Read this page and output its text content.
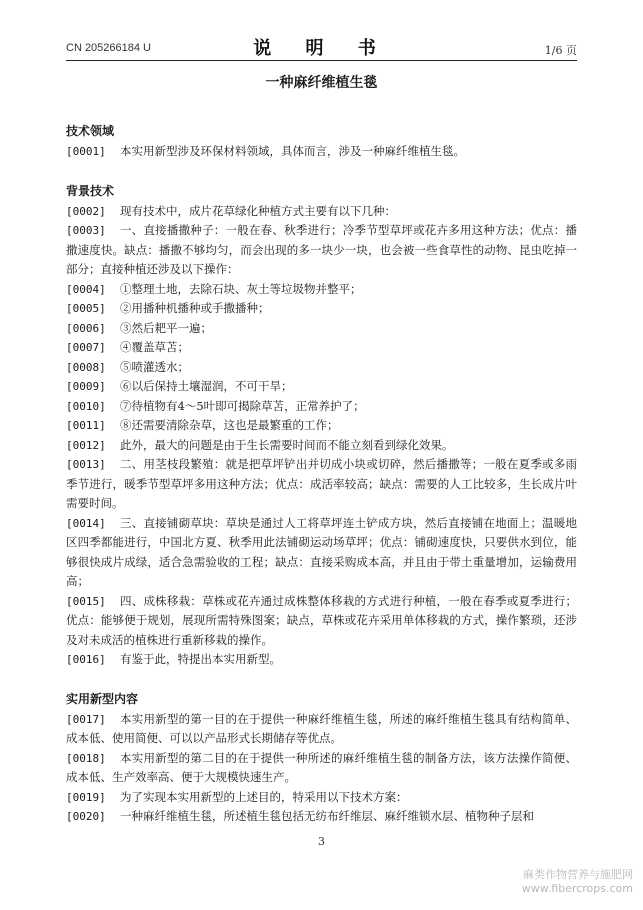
CN 205266184 U	说 明 书	1/6 页
一种麻纤维植生毯
技术领域
[0001] 本实用新型涉及环保材料领域，具体而言，涉及一种麻纤维植生毯。
背景技术
[0002] 现有技术中，成片花草绿化种植方式主要有以下几种：
[0003]	一、直接播撒种子：一般在春、秋季进行；冷季节型草坪或花卉多用这种方法；优点：播撒速度快。缺点：播撒不够均匀，而会出现的多一块少一块，也会被一些食草性的动物、昆虫吃掉一部分；直接种植还涉及以下操作：
[0004] ①整理土地，去除石块、灰土等垃圾物并整平；
[0005] ②用播种机播种或手撒播种；
[0006] ③然后耙平一遍；
[0007] ④覆盖草苫；
[0008] ⑤喷灌透水；
[0009] ⑥以后保持土壤湿润，不可干旱；
[0010] ⑦待植物有4～5叶即可揭除草苫，正常养护了；
[0011] ⑧还需要清除杂草，这也是最繁重的工作；
[0012] 此外，最大的问题是由于生长需要时间而不能立刻看到绿化效果。
[0013]	二、用茎枝段繁殖：就是把草坪铲出并切成小块或切碎，然后播撒等；一般在夏季或多雨季节进行，暖季节型草坪多用这种方法；优点：成活率较高；缺点：需要的人工比较多，生长成片叶需要时间。
[0014]	三、直接铺砌草块：草块是通过人工将草坪连土铲成方块，然后直接铺在地面上；温暖地区四季都能进行，中国北方夏、秋季用此法铺砌运动场草坪；优点：铺砌速度快，只要供水到位，能够很快成片成绿，适合急需验收的工程；缺点：直接采购成本高，并且由于带土重量增加，运输费用高；
[0015]	四、成株移栽：草株或花卉通过成株整体移栽的方式进行种植，一般在春季或夏季进行；优点：能够便于规划，展现所需特殊图案；缺点，草株或花卉采用单体移栽的方式，操作繁琐，还涉及对未成活的植株进行重新移栽的操作。
[0016] 有鉴于此，特提出本实用新型。
实用新型内容
[0017]	本实用新型的第一目的在于提供一种麻纤维植生毯，所述的麻纤维植生毯具有结构简单、成本低、使用简便、可以以产品形式长期储存等优点。
[0018]	本实用新型的第二目的在于提供一种所述的麻纤维植生毯的制备方法，该方法操作简便、成本低、生产效率高、便于大规模快速生产。
[0019] 为了实现本实用新型的上述目的，特采用以下技术方案：
[0020] 一种麻纤维植生毯，所述植生毯包括无纺布纤维层、麻纤维锁水层、植物种子层和
3
麻类作物营养与施肥网
www.fibercrops.com
